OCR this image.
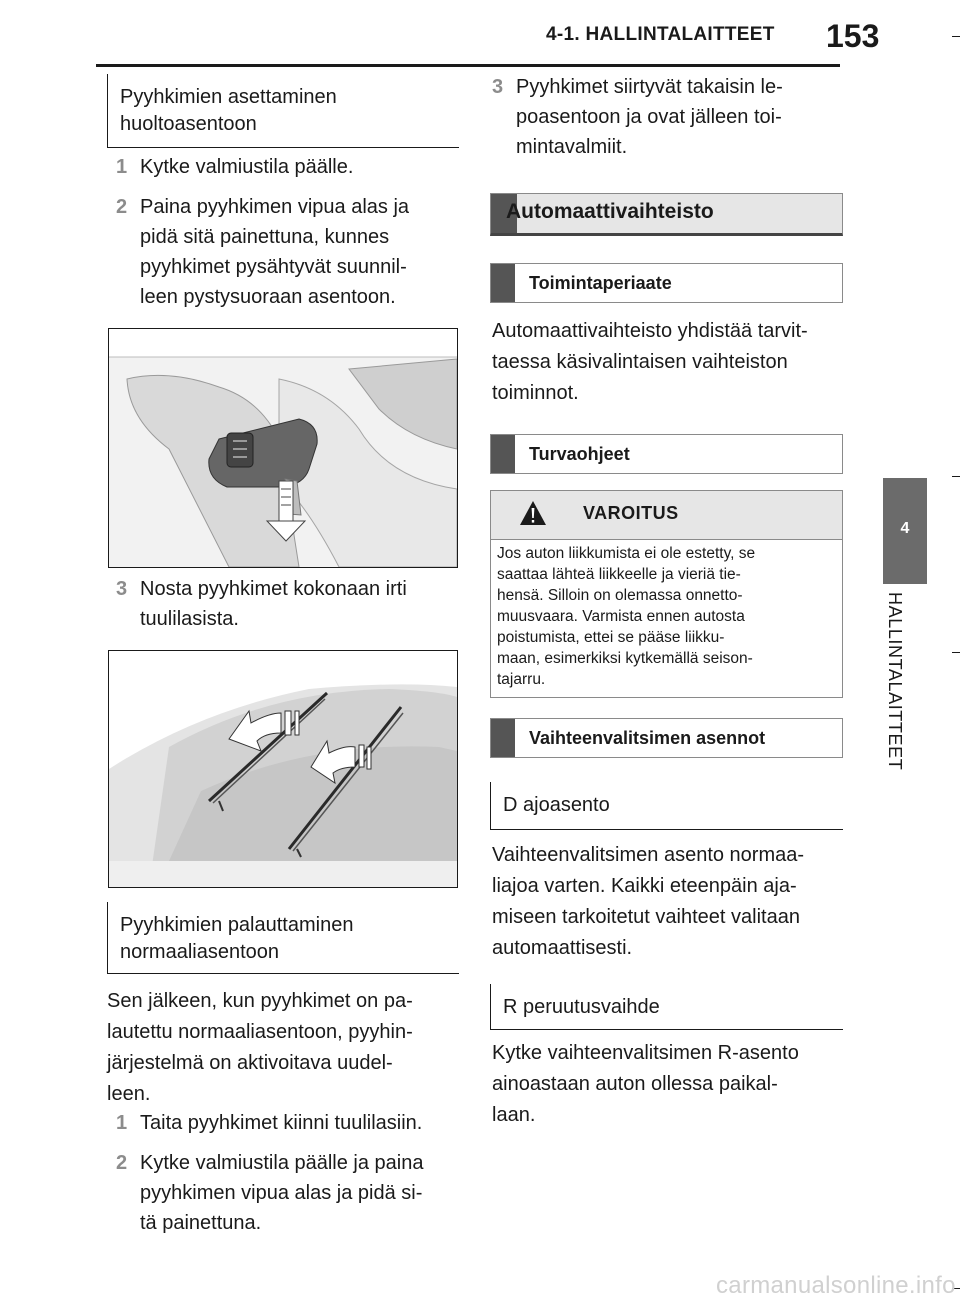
4-1. HALLINTALAITTEET 153
4
HALLINTALAITTEET
Pyyhkimien asettaminen
huoltoasentoon
1 Kytke valmiustila päälle.
2 Paina pyyhkimen vipua alas ja
pidä sitä painettuna, kunnes
pyyhkimet pysähtyvät suunnil-
leen pystysuoraan asentoon.
3 Nosta pyyhkimet kokonaan irti
tuulilasista.
Pyyhkimien palauttaminen
normaaliasentoon
Sen jälkeen, kun pyyhkimet on pa-
lautettu normaaliasentoon, pyyhin-
järjestelmä on aktivoitava uudel-
leen.
1 Taita pyyhkimet kiinni tuulilasiin.
2 Kytke valmiustila päälle ja paina
pyyhkimen vipua alas ja pidä si-
tä painettuna.
3 Pyyhkimet siirtyvät takaisin le-
poasentoon ja ovat jälleen toi-
mintavalmiit.
Automaattivaihteisto
Toimintaperiaate
Automaattivaihteisto yhdistää tarvit-
taessa käsivalintaisen vaihteiston
toiminnot.
Turvaohjeet
VAROITUS
Jos auton liikkumista ei ole estetty, se
saattaa lähteä liikkeelle ja vieriä tie-
hensä. Silloin on olemassa onnetto-
muusvaara. Varmista ennen autosta
poistumista, ettei se pääse liikku-
maan, esimerkiksi kytkemällä seison-
tajarru.
Vaihteenvalitsimen asennot
D ajoasento
Vaihteenvalitsimen asento normaa-
liajoa varten. Kaikki eteenpäin aja-
miseen tarkoitetut vaihteet valitaan
automaattisesti.
R peruutusvaihde
Kytke vaihteenvalitsimen R-asento
ainoastaan auton ollessa paikal-
laan.
carmanualsonline.info
